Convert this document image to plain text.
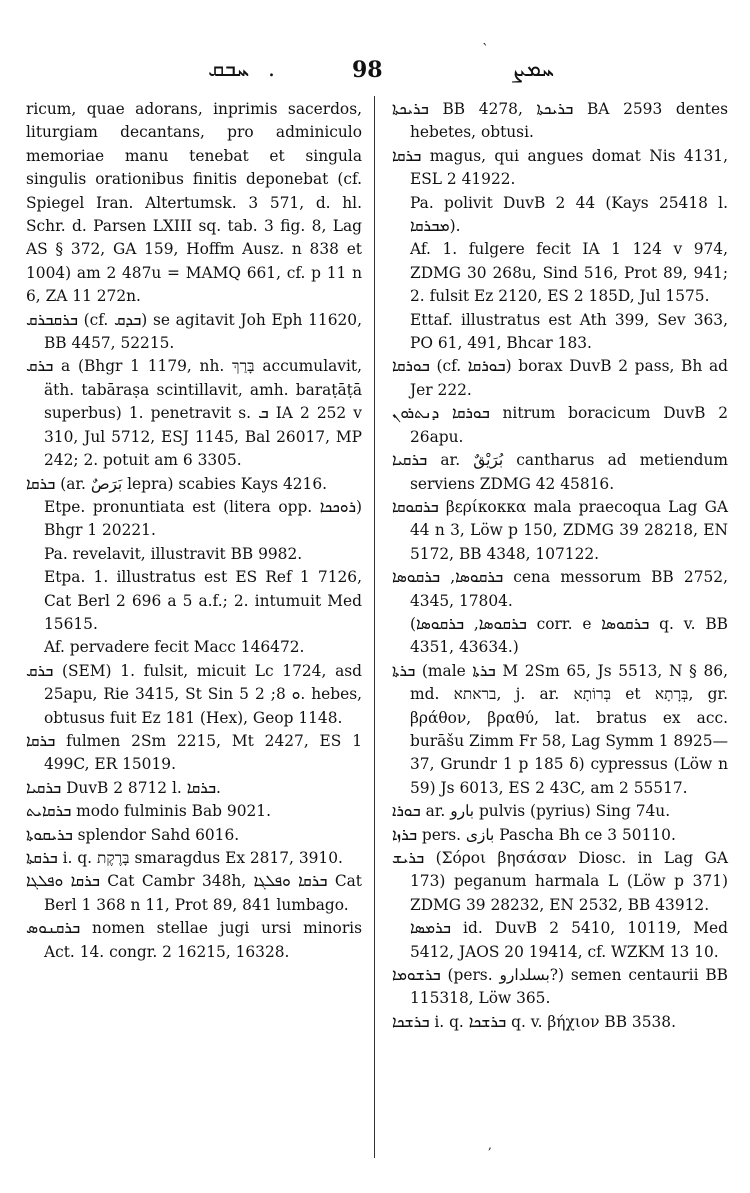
ˋ
ܚܒܩ .	98	ܚܡܨ

ricum, quae adorans, inprimis sacerdos, liturgiam decantans, pro adminiculo memoriae manu tenebat et singula singulis orationibus finitis deponebat (cf. Spiegel Iran. Altertumsk. 3 571, d. hl. Schr. d. Parsen LXIII sq. tab. 3 fig. 8, Lag AS § 372, GA 159, Hoffm Ausz. n 838 et 1004) am 2 487u = MAMQ 661, cf. p 11 n 6, ZA 11 272n.

ܒܪܩܒܪܩ (cf. ܒܕܩ) se agitavit Joh Eph 11620, BB 4457, 52215.

ܒܪܩ a (Bhgr 1 1179, nh. בָּרַךְ accumulavit, äth. tabāraṣa scintillavit, amh. baraṭāṭā superbus) 1. penetravit s. ܒ IA 2 252 v 310, Jul 5712, ESJ 1145, Bal 26017, MP 242; 2. potuit am 6 3305.

ܒܪܩܐ (ar. بَرَصٌ lepra) scabies Kays 4216.

Etpe. pronuntiata est (litera opp. ܪܘܟܟܐ) Bhgr 1 20221.

Pa. revelavit, illustravit BB 9982.

Etpa. 1. illustratus est ES Ref 1 7126, Cat Berl 2 696 a 5 a.f.; 2. intumuit Med 15615.

Af. pervadere fecit Macc 146472.

ܒܪܩ (SEM) 1. fulsit, micuit Lc 1724, asd 25apu, Rie 3415, St Sin 5 ܘ 8; 2. hebes, obtusus fuit Ez 181 (Hex), Geop 1148.

ܒܪܩܐ fulmen 2Sm 2215, Mt 2427, ES 1 499C, ER 15019.

ܒܪܩܝܐ DuvB 2 8712 l. ܒܪܩܐ.

ܒܪܩܐܝܬ modo fulminis Bab 9021.

ܒܪܝܩܘܬܐ splendor Sahd 6016.

ܒܪܩܬܐ i. q. בָּרֶקֶת smaragdus Ex 2817, 3910.

ܒܪܩܐ ܘܦܠܓܐ Cat Cambr 348h, ܒܪܩܐ ܘܦܠܓܐ Cat Berl 1 368 n 11, Prot 89, 841 lumbago.

ܒܪܩܢܘܣ nomen stellae jugi ursi minoris Act. 14. congr. 2 16215, 16328.

ܒܪܝܟܬܐ BB 4278, ܒܪܝܟܬܐ BA 2593 dentes hebetes, obtusi.

ܒܪܩܐ magus, qui angues domat Nis 4131, ESL 2 41922.

Pa. polivit DuvB 2 44 (Kays 25418 l. ܡܒܪܩܐ).

Af. 1. fulgere fecit IA 1 124 v 974, ZDMG 30 268u, Sind 516, Prot 89, 941; 2. fulsit Ez 2120, ES 2 185D, Jul 1575.

Ettaf. illustratus est Ath 399, Sev 363, PO 61, 491, Bhcar 183.

ܒܘܪܩܐ (cf. ܒܘܪܩܐ) borax DuvB 2 pass, Bh ad Jer 222.

ܒܘܪܩܐ ܕܢܬܪܘܢ nitrum boracicum DuvB 2 26apu.

ܒܪܩܝܐ ar. بُرَيْقٌ cantharus ad metiendum serviens ZDMG 42 45816.

ܒܪܩܘܩܐ βερίκοκκα mala praecoqua Lag GA 44 n 3, Löw p 150, ZDMG 39 28218, EN 5172, BB 4348, 107122.

ܒܪܩܘܣܐ, ܒܪܩܘܣܐ cena messorum BB 2752, 4345, 17804.

(ܒܪܩܘܣܐ, ܒܪܩܘܣܐ corr. e ܒܪܩܘܣܐ q. v. BB 4351, 43634.)

ܒܪܬܐ (male ܒܪܬܐ M 2Sm 65, Js 5513, N § 86, md. בראתא, j. ar. בְּרוֹתָא et בְּרָתָא, gr. βράθον, βραθύ, lat. bratus ex acc. burāšu Zimm Fr 58, Lag Symm 1 8925—37, Grundr 1 p 185 δ) cypressus (Löw n 59) Js 6013, ES 2 43C, am 2 55517.

ܒܘܪܐ ar. بارو pulvis (pyrius) Sing 74u.

ܒܪܙܐ pers. بازى Pascha Bh ce 3 50110.

ܒܪܝܫ (Σόροι βησάσαν Diosc. in Lag GA 173) peganum harmala L (Löw p 371) ZDMG 39 28232, EN 2532, BB 43912.

ܒܪܡܣܐ id. DuvB 2 5410, 10119, Med 5412, JAOS 20 19414, cf. WZKM 13 10.

ܒܪܫܘܡܐ (pers. بسلدارو?) semen centaurii BB 115318, Löw 365.

ܒܪܫܟܐ i. q. ܒܪܫܟܐ q. v. βήχιον BB 3538.

,
